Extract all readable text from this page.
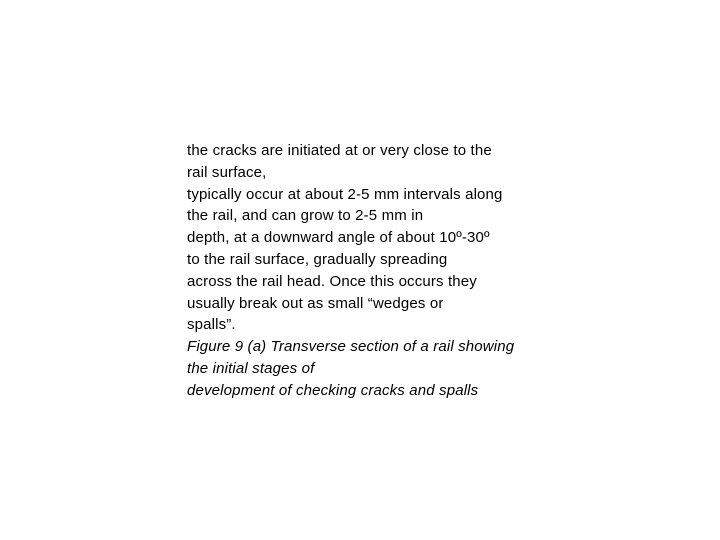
the cracks are initiated at or very close to the
rail surface,
typically occur at about 2-5 mm intervals along
the rail, and can grow to 2-5 mm in
depth, at a downward angle of about 10º-30º
to the rail surface, gradually spreading
across the rail head. Once this occurs they
usually break out as small “wedges or
spalls”.
Figure 9 (a) Transverse section of a rail showing
the initial stages of
development of checking cracks and spalls
